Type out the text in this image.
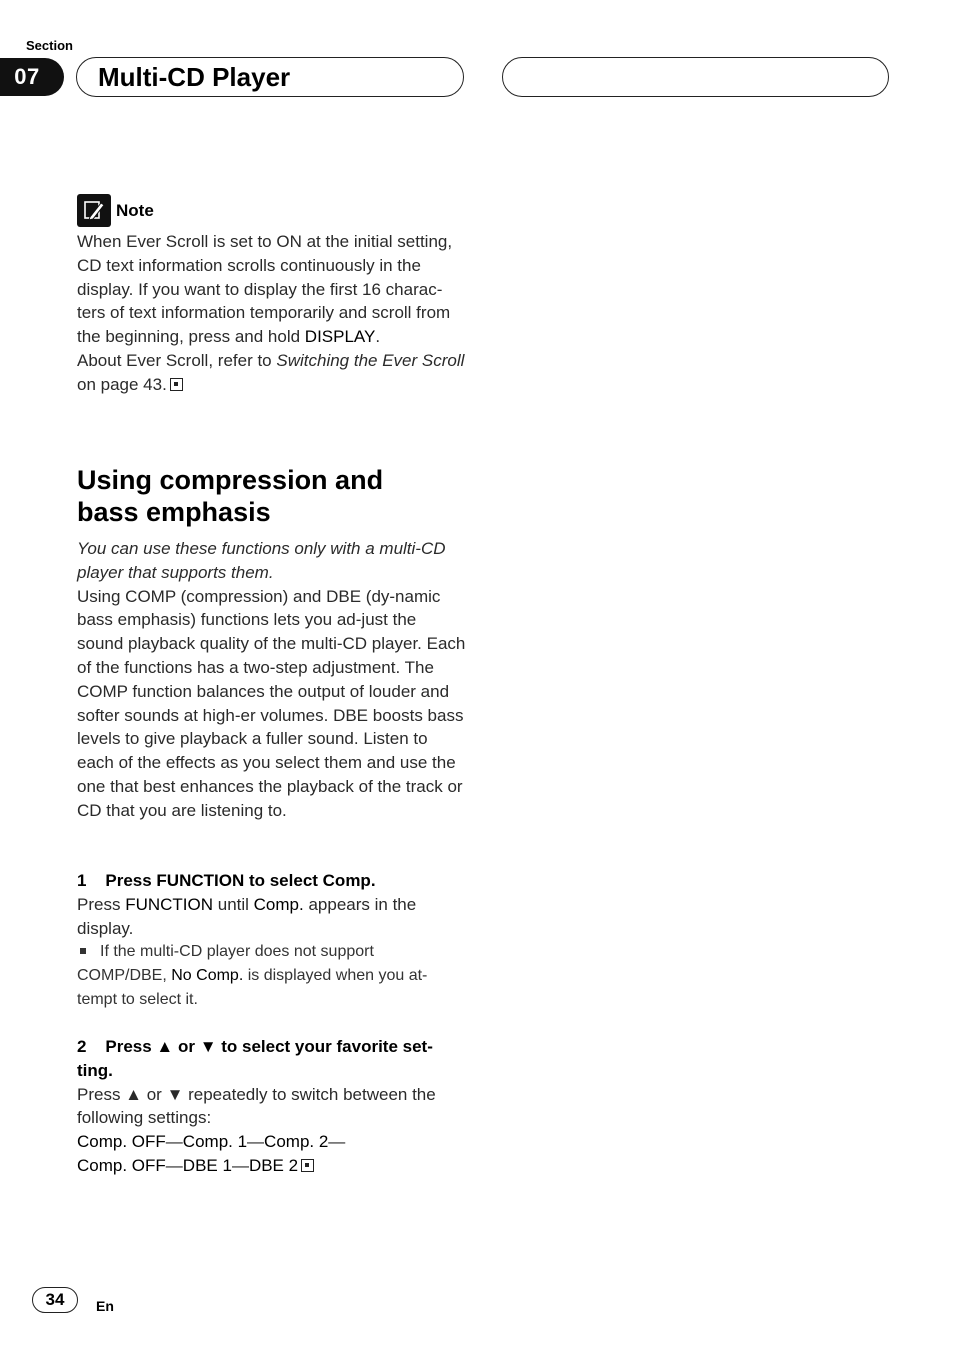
Section
07	Multi-CD Player
Note

When Ever Scroll is set to ON at the initial setting, CD text information scrolls continuously in the display. If you want to display the first 16 charac-ters of text information temporarily and scroll from the beginning, press and hold DISPLAY.

About Ever Scroll, refer to Switching the Ever Scroll on page 43.

Using compression and
bass emphasis

You can use these functions only with a multi-CD player that supports them.

Using COMP (compression) and DBE (dy-namic bass emphasis) functions lets you ad-just the sound playback quality of the multi-CD player. Each of the functions has a two-step adjustment. The COMP function balances the output of louder and softer sounds at high-er volumes. DBE boosts bass levels to give playback a fuller sound. Listen to each of the effects as you select them and use the one that best enhances the playback of the track or CD that you are listening to.

1 Press FUNCTION to select Comp.

Press FUNCTION until Comp. appears in the display.

If the multi-CD player does not support COMP/DBE, No Comp. is displayed when you at-tempt to select it.

2 Press ▲ or ▼ to select your favorite set-ting.

Press ▲ or ▼ repeatedly to switch between the following settings:

Comp. OFF—Comp. 1—Comp. 2—

Comp. OFF—DBE 1—DBE 2

34	En
